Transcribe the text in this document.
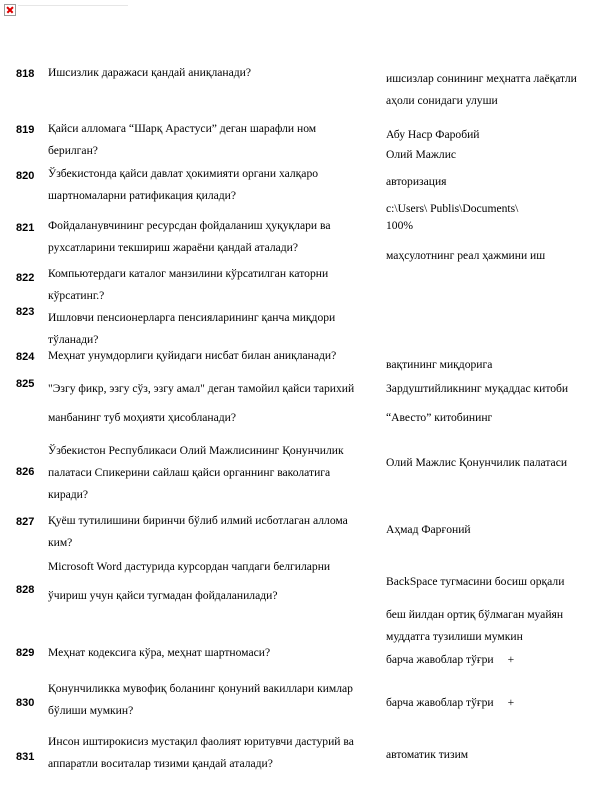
818 Ишсизлик даражаси қандай аниқланади?	ишсизлар сонининг меҳнатга лаёқатли
аҳоли сонидаги улуши
819 Қайси алломага “Шарқ Арастуси” деган шарафли ном
берилган?
Абу Наср Фаробий
820 Ўзбекистонда қайси давлат ҳокимияти органи халқаро
шартномаларни ратификация қилади?
Олий Мажлис
авторизация
821 Фойдаланувчининг ресурсдан фойдаланиш ҳуқуқлари ва
рухсатларини текшириш жараёни қандай аталади?
c:\Users\ Publis\Documents\
100%
822 Компьютердаги каталог манзилини кўрсатилган каторни
кўрсатинг.?
маҳсулотнинг реал ҳажмини иш
823 Ишловчи пенсионерларга пенсияларининг қанча миқдори
тўланади?
824 Меҳнат унумдорлиги қуйидаги нисбат билан аниқланади?
вақтининг миқдорига
825 "Эзгу фикр, эзгу сўз, эзгу амал" деган тамойил қайси тарихий
манбанинг туб моҳияти ҳисобланади?
Зардуштийликнинг муқаддас китоби
“Авесто” китобининг
826
Ўзбекистон Республикаси Олий Мажлисининг Қонунчилик
палатаси Спикерини сайлаш қайси органнинг ваколатига
киради?
Олий Мажлис Қонунчилик палатаси
827 Қуёш тутилишини биринчи бўлиб илмий исботлаган аллома
ким?
Аҳмад Фарғоний
828
Microsoft Word дастурида курсордан чапдаги белгиларни
ўчириш учун қайси тугмадан фойдаланилади?
BackSpace тугмасини босиш орқали
беш йилдан ортиқ бўлмаган муайян
муддатга тузилиши мумкин
829 Меҳнат кодексига кўра, меҳнат шартномаси?
барча жавоблар тўғри +
830
Қонунчиликка мувофиқ боланинг қонуний вакиллари кимлар
бўлиши мумкин?
барча жавоблар тўғри +
831
Инсон иштирокисиз мустақил фаолият юритувчи дастурий ва
аппаратли воситалар тизими қандай аталади?
автоматик тизим
